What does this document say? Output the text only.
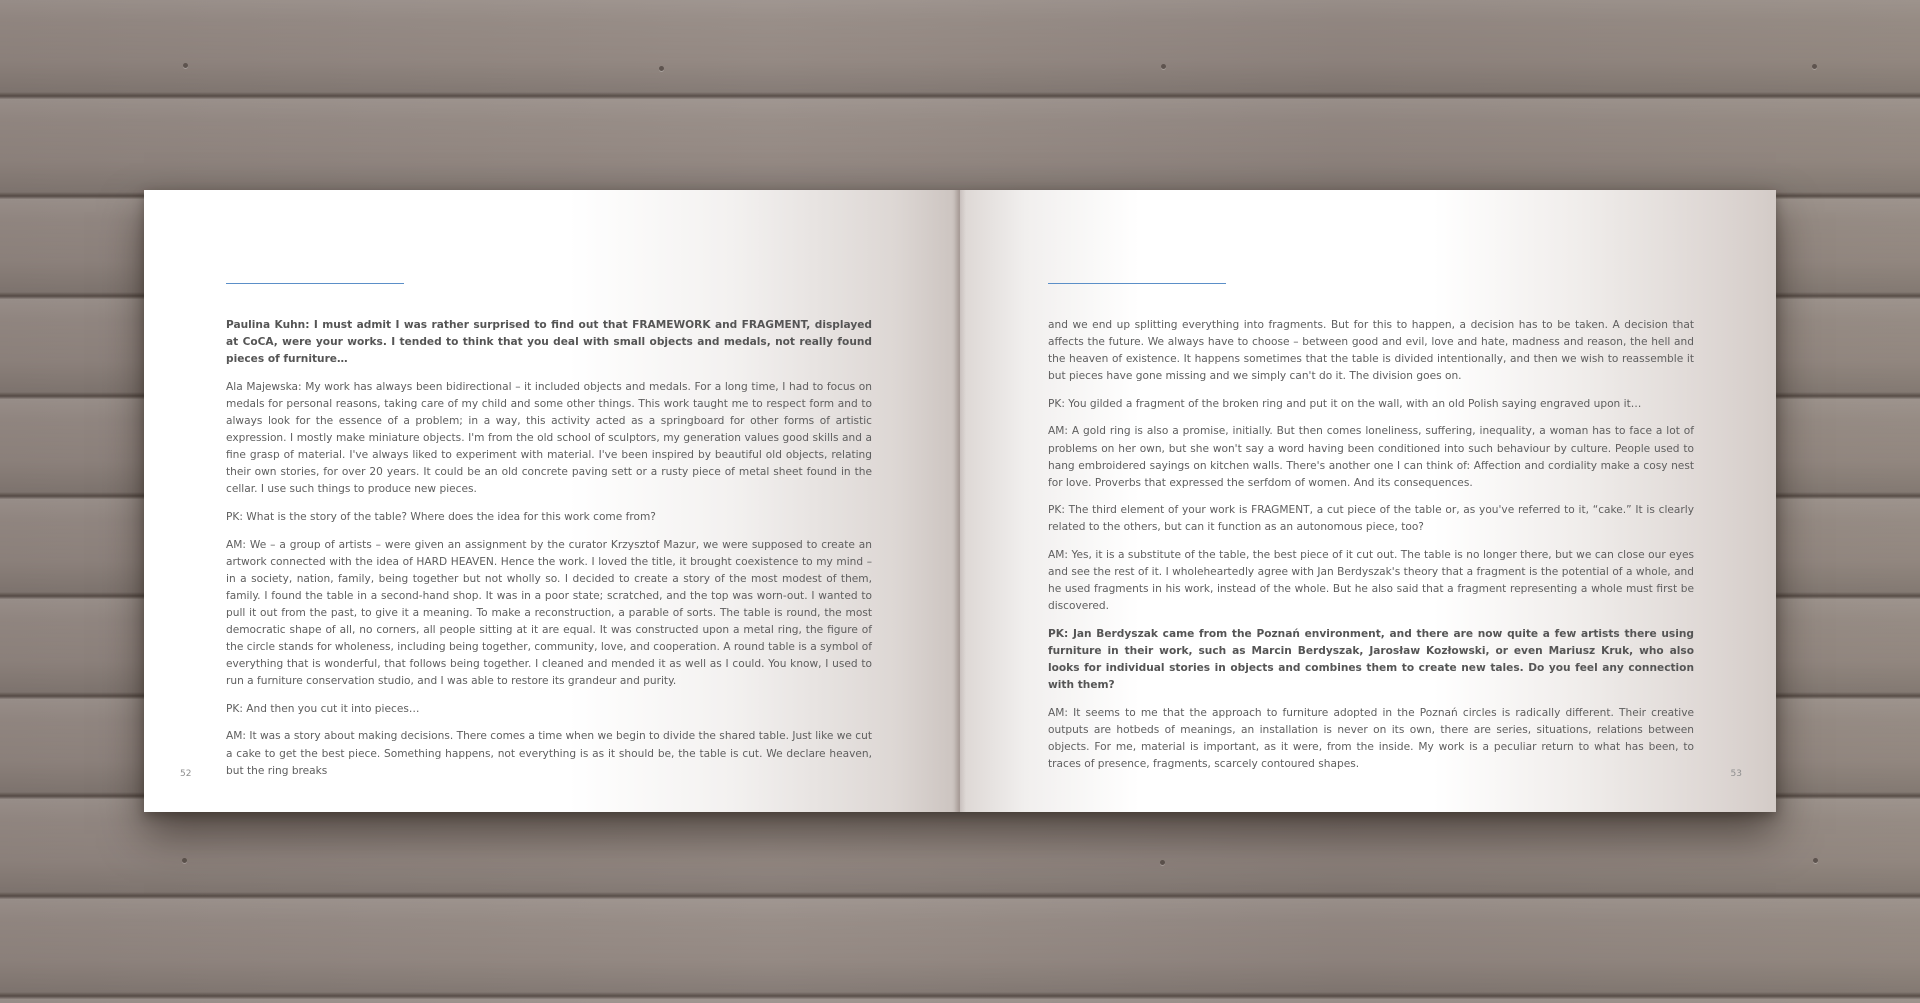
Paulina Kuhn: I must admit I was rather surprised to find out that FRAMEWORK and FRAGMENT, displayed at CoCA, were your works. I tended to think that you deal with small objects and medals, not really found pieces of furniture…

Ala Majewska: My work has always been bidirectional – it included objects and medals. For a long time, I had to focus on medals for personal reasons, taking care of my child and some other things. This work taught me to respect form and to always look for the essence of a problem; in a way, this activity acted as a springboard for other forms of artistic expression. I mostly make miniature objects. I'm from the old school of sculptors, my generation values good skills and a fine grasp of material. I've always liked to experiment with material. I've been inspired by beautiful old objects, relating their own stories, for over 20 years. It could be an old concrete paving sett or a rusty piece of metal sheet found in the cellar. I use such things to produce new pieces.

PK: What is the story of the table? Where does the idea for this work come from?

AM: We – a group of artists – were given an assignment by the curator Krzysztof Mazur, we were supposed to create an artwork connected with the idea of HARD HEAVEN. Hence the work. I loved the title, it brought coexistence to my mind – in a society, nation, family, being together but not wholly so. I decided to create a story of the most modest of them, family. I found the table in a second-hand shop. It was in a poor state; scratched, and the top was worn-out. I wanted to pull it out from the past, to give it a meaning. To make a reconstruction, a parable of sorts. The table is round, the most democratic shape of all, no corners, all people sitting at it are equal. It was constructed upon a metal ring, the figure of the circle stands for wholeness, including being together, community, love, and cooperation. A round table is a symbol of everything that is wonderful, that follows being together. I cleaned and mended it as well as I could. You know, I used to run a furniture conservation studio, and I was able to restore its grandeur and purity.

PK: And then you cut it into pieces…

AM: It was a story about making decisions. There comes a time when we begin to divide the shared table. Just like we cut a cake to get the best piece. Something happens, not everything is as it should be, the table is cut. We declare heaven, but the ring breaks

52

and we end up splitting everything into fragments. But for this to happen, a decision has to be taken. A decision that affects the future. We always have to choose – between good and evil, love and hate, madness and reason, the hell and the heaven of existence. It happens sometimes that the table is divided intentionally, and then we wish to reassemble it but pieces have gone missing and we simply can't do it. The division goes on.

PK: You gilded a fragment of the broken ring and put it on the wall, with an old Polish saying engraved upon it…

AM: A gold ring is also a promise, initially. But then comes loneliness, suffering, inequality, a woman has to face a lot of problems on her own, but she won't say a word having been conditioned into such behaviour by culture. People used to hang embroidered sayings on kitchen walls. There's another one I can think of: Affection and cordiality make a cosy nest for love. Proverbs that expressed the serfdom of women. And its consequences.

PK: The third element of your work is FRAGMENT, a cut piece of the table or, as you've referred to it, “cake.” It is clearly related to the others, but can it function as an autonomous piece, too?

AM: Yes, it is a substitute of the table, the best piece of it cut out. The table is no longer there, but we can close our eyes and see the rest of it. I wholeheartedly agree with Jan Berdyszak's theory that a fragment is the potential of a whole, and he used fragments in his work, instead of the whole. But he also said that a fragment representing a whole must first be discovered.

PK: Jan Berdyszak came from the Poznań environment, and there are now quite a few artists there using furniture in their work, such as Marcin Berdyszak, Jarosław Kozłowski, or even Mariusz Kruk, who also looks for individual stories in objects and combines them to create new tales. Do you feel any connection with them?

AM: It seems to me that the approach to furniture adopted in the Poznań circles is radically different. Their creative outputs are hotbeds of meanings, an installation is never on its own, there are series, situations, relations between objects. For me, material is important, as it were, from the inside. My work is a peculiar return to what has been, to traces of presence, fragments, scarcely contoured shapes.

53
